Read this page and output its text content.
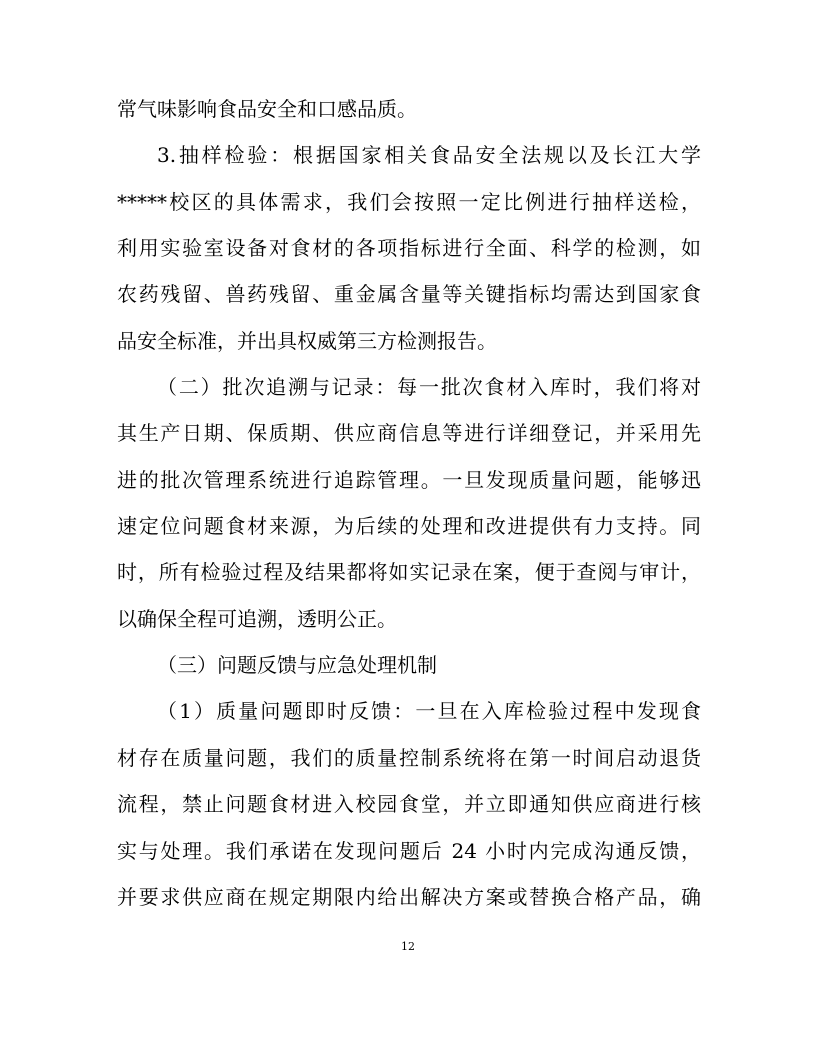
常气味影响食品安全和口感品质。
3.抽样检验：根据国家相关食品安全法规以及长江大学
*****校区的具体需求，我们会按照一定比例进行抽样送检，
利用实验室设备对食材的各项指标进行全面、科学的检测，如
农药残留、兽药残留、重金属含量等关键指标均需达到国家食
品安全标准，并出具权威第三方检测报告。
（二）批次追溯与记录：每一批次食材入库时，我们将对
其生产日期、保质期、供应商信息等进行详细登记，并采用先
进的批次管理系统进行追踪管理。一旦发现质量问题，能够迅
速定位问题食材来源，为后续的处理和改进提供有力支持。同
时，所有检验过程及结果都将如实记录在案，便于查阅与审计，
以确保全程可追溯，透明公正。
（三）问题反馈与应急处理机制
（1）质量问题即时反馈：一旦在入库检验过程中发现食
材存在质量问题，我们的质量控制系统将在第一时间启动退货
流程，禁止问题食材进入校园食堂，并立即通知供应商进行核
实与处理。我们承诺在发现问题后 24 小时内完成沟通反馈，
并要求供应商在规定期限内给出解决方案或替换合格产品，确
12
